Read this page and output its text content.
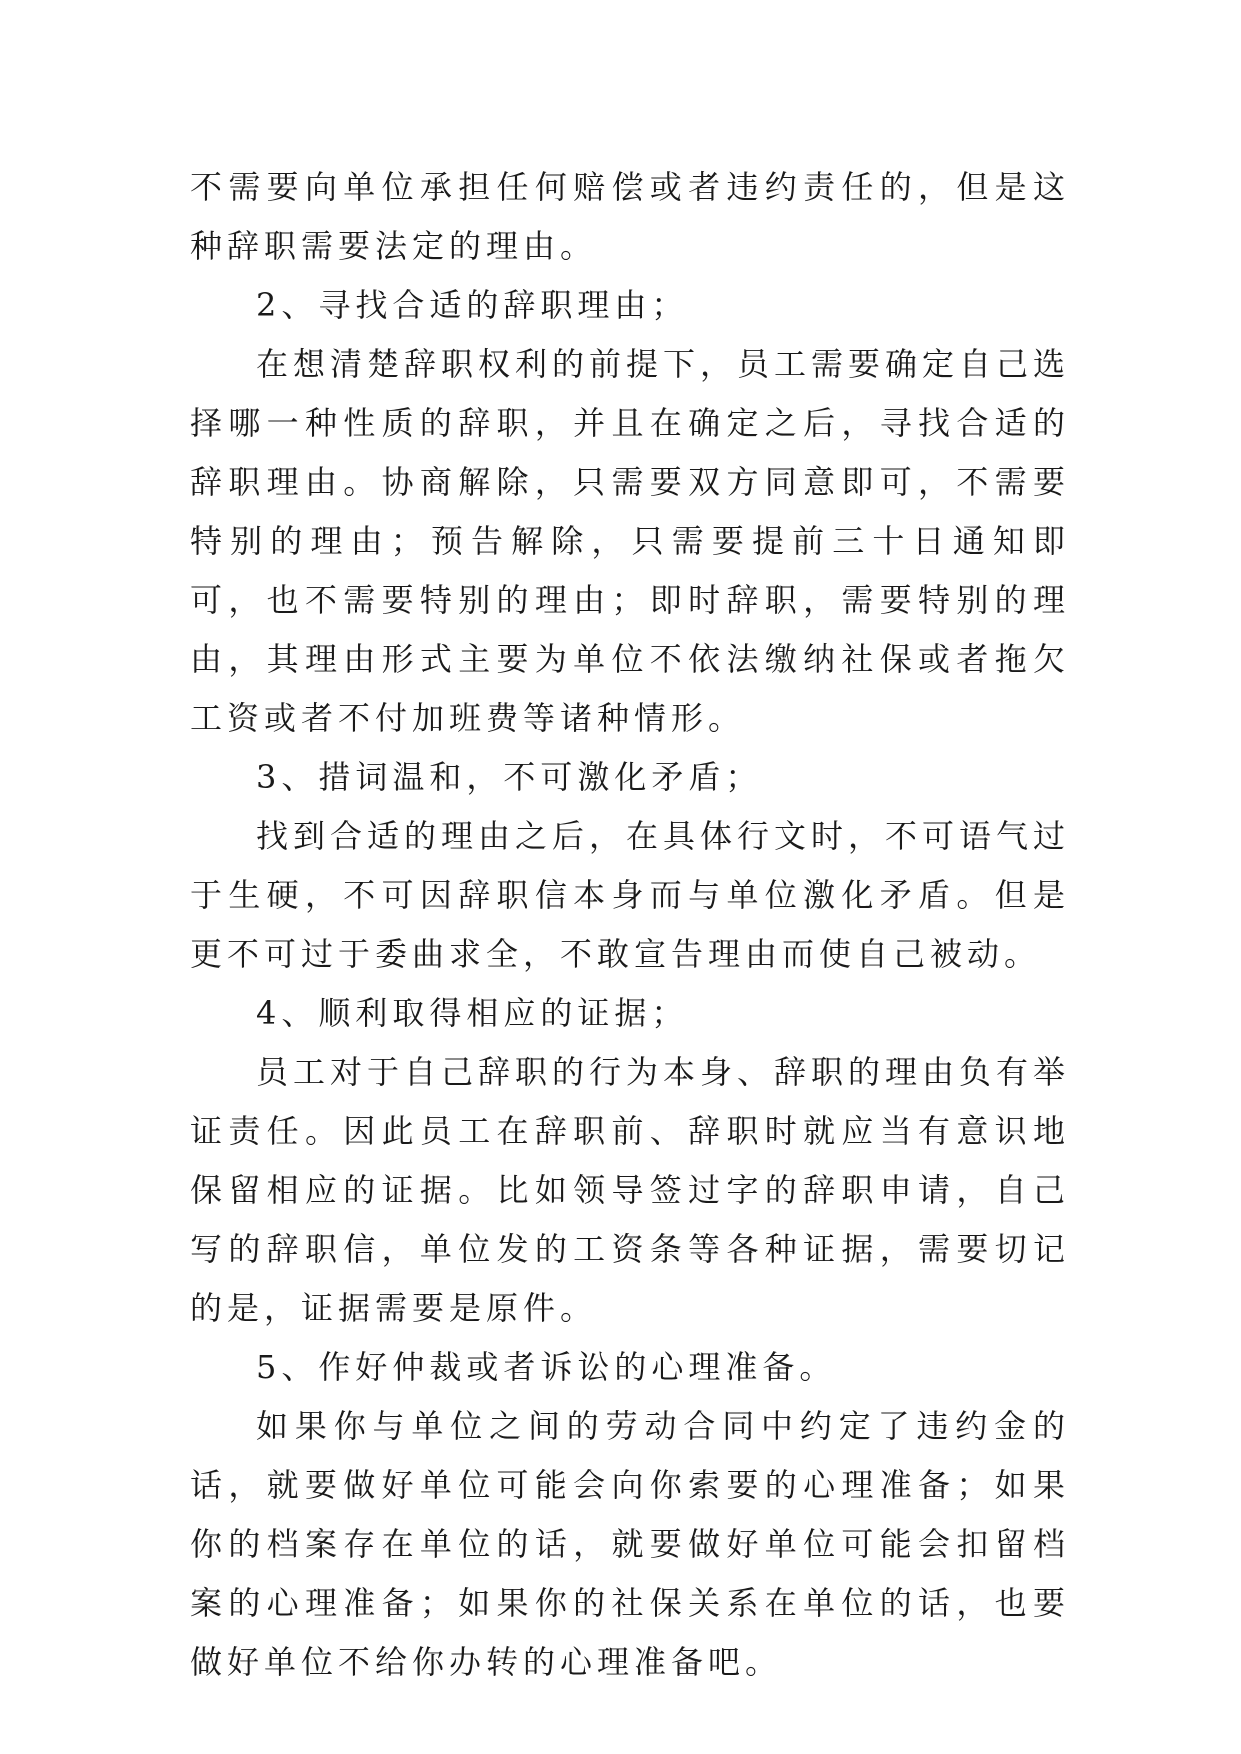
不需要向单位承担任何赔偿或者违约责任的，但是这种辞职需要法定的理由。

2、寻找合适的辞职理由；

在想清楚辞职权利的前提下，员工需要确定自己选择哪一种性质的辞职，并且在确定之后，寻找合适的辞职理由。协商解除，只需要双方同意即可，不需要特别的理由；预告解除，只需要提前三十日通知即可，也不需要特别的理由；即时辞职，需要特别的理由，其理由形式主要为单位不依法缴纳社保或者拖欠工资或者不付加班费等诸种情形。

3、措词温和，不可激化矛盾；

找到合适的理由之后，在具体行文时，不可语气过于生硬，不可因辞职信本身而与单位激化矛盾。但是更不可过于委曲求全，不敢宣告理由而使自己被动。

4、顺利取得相应的证据；

员工对于自己辞职的行为本身、辞职的理由负有举证责任。因此员工在辞职前、辞职时就应当有意识地保留相应的证据。比如领导签过字的辞职申请，自己写的辞职信，单位发的工资条等各种证据，需要切记的是，证据需要是原件。

5、作好仲裁或者诉讼的心理准备。

如果你与单位之间的劳动合同中约定了违约金的话，就要做好单位可能会向你索要的心理准备；如果你的档案存在单位的话，就要做好单位可能会扣留档案的心理准备；如果你的社保关系在单位的话，也要做好单位不给你办转的心理准备吧。
